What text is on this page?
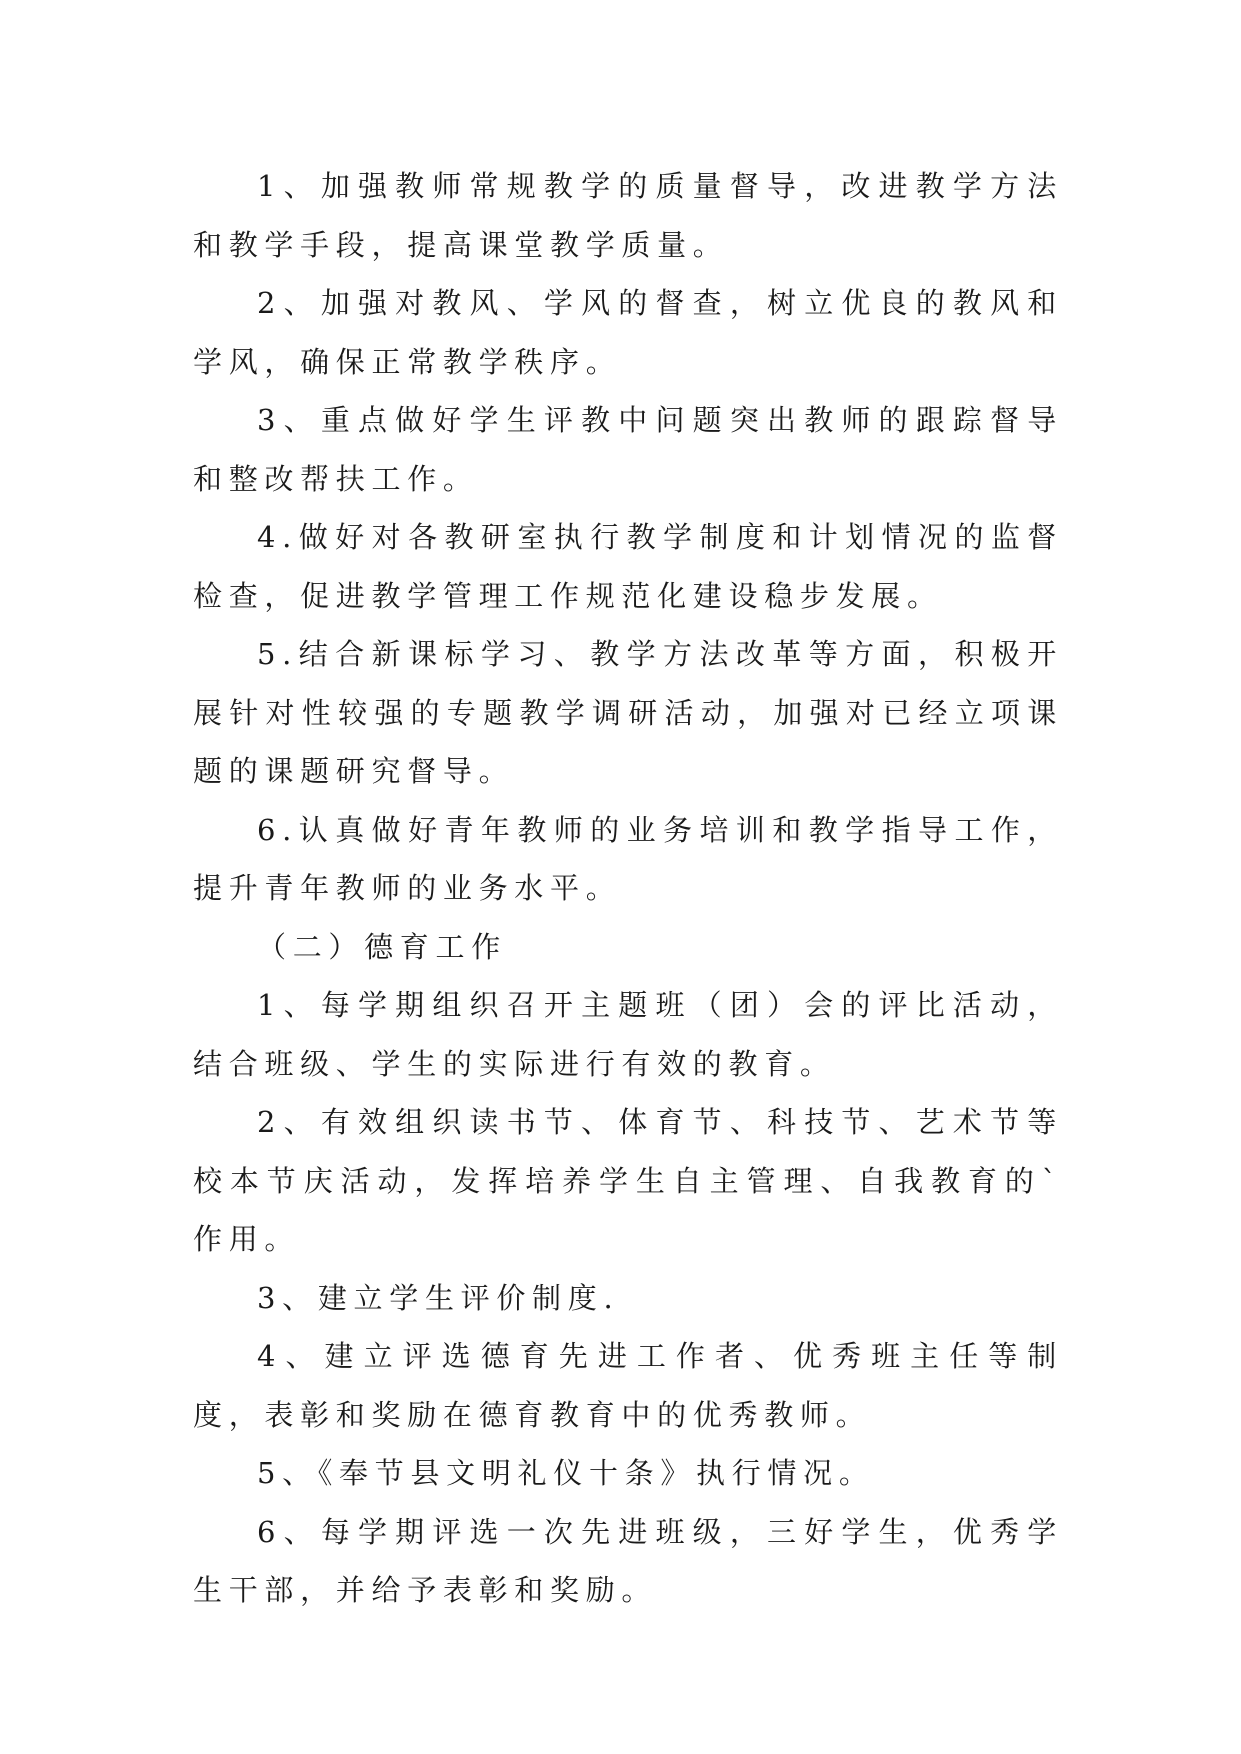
1、加强教师常规教学的质量督导，改进教学方法和教学手段，提高课堂教学质量。

2、加强对教风、学风的督查，树立优良的教风和学风，确保正常教学秩序。

3、重点做好学生评教中问题突出教师的跟踪督导和整改帮扶工作。

4.做好对各教研室执行教学制度和计划情况的监督检查，促进教学管理工作规范化建设稳步发展。

5.结合新课标学习、教学方法改革等方面，积极开展针对性较强的专题教学调研活动，加强对已经立项课题的课题研究督导。

6.认真做好青年教师的业务培训和教学指导工作，提升青年教师的业务水平。

（二）德育工作

1、每学期组织召开主题班（团）会的评比活动，结合班级、学生的实际进行有效的教育。

2、有效组织读书节、体育节、科技节、艺术节等校本节庆活动，发挥培养学生自主管理、自我教育的`作用。

3、建立学生评价制度.

4、建立评选德育先进工作者、优秀班主任等制度，表彰和奖励在德育教育中的优秀教师。

5、《奉节县文明礼仪十条》执行情况。

6、每学期评选一次先进班级，三好学生，优秀学生干部，并给予表彰和奖励。
